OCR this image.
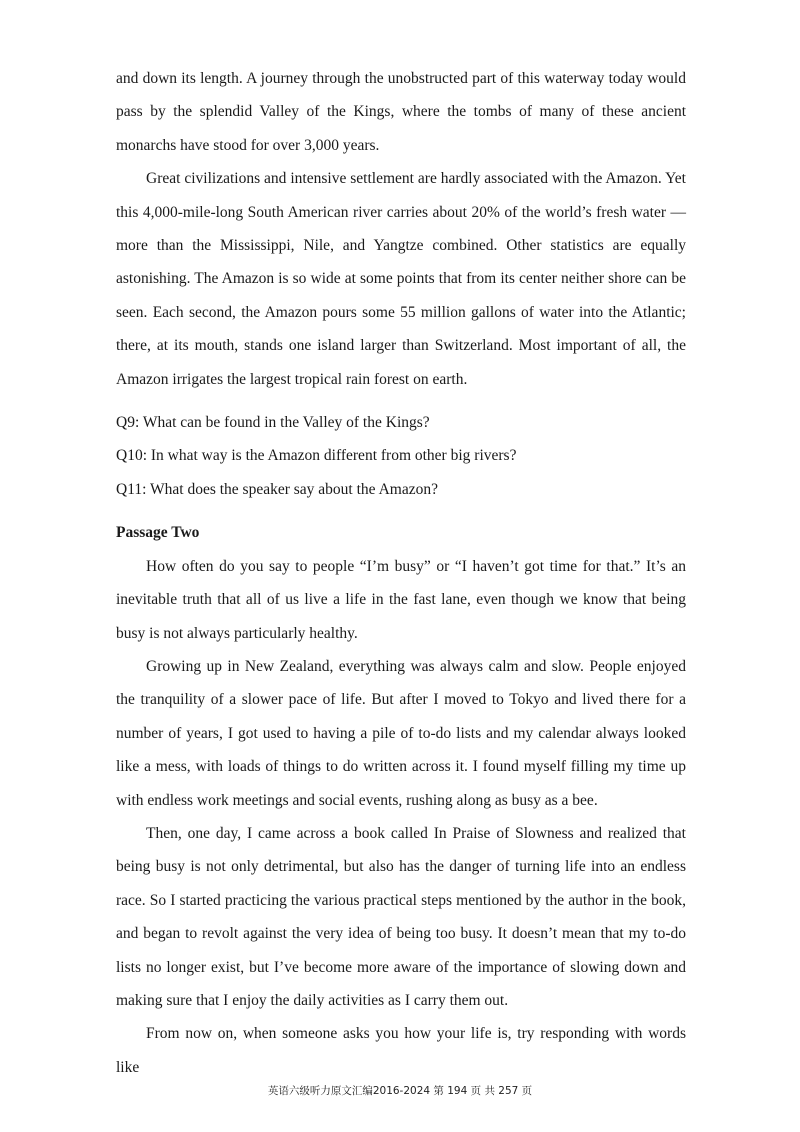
and down its length. A journey through the unobstructed part of this waterway today would pass by the splendid Valley of the Kings, where the tombs of many of these ancient monarchs have stood for over 3,000 years.

Great civilizations and intensive settlement are hardly associated with the Amazon. Yet this 4,000-mile-long South American river carries about 20% of the world’s fresh water — more than the Mississippi, Nile, and Yangtze combined. Other statistics are equally astonishing. The Amazon is so wide at some points that from its center neither shore can be seen. Each second, the Amazon pours some 55 million gallons of water into the Atlantic; there, at its mouth, stands one island larger than Switzerland. Most important of all, the Amazon irrigates the largest tropical rain forest on earth.

Q9: What can be found in the Valley of the Kings?

Q10: In what way is the Amazon different from other big rivers?

Q11: What does the speaker say about the Amazon?

Passage Two

How often do you say to people “I’m busy” or “I haven’t got time for that.” It’s an inevitable truth that all of us live a life in the fast lane, even though we know that being busy is not always particularly healthy.

Growing up in New Zealand, everything was always calm and slow. People enjoyed the tranquility of a slower pace of life. But after I moved to Tokyo and lived there for a number of years, I got used to having a pile of to-do lists and my calendar always looked like a mess, with loads of things to do written across it. I found myself filling my time up with endless work meetings and social events, rushing along as busy as a bee.

Then, one day, I came across a book called In Praise of Slowness and realized that being busy is not only detrimental, but also has the danger of turning life into an endless race. So I started practicing the various practical steps mentioned by the author in the book, and began to revolt against the very idea of being too busy. It doesn’t mean that my to-do lists no longer exist, but I’ve become more aware of the importance of slowing down and making sure that I enjoy the daily activities as I carry them out.

From now on, when someone asks you how your life is, try responding with words like

英语六级听力原文汇编2016-2024 第 194 页 共 257 页
